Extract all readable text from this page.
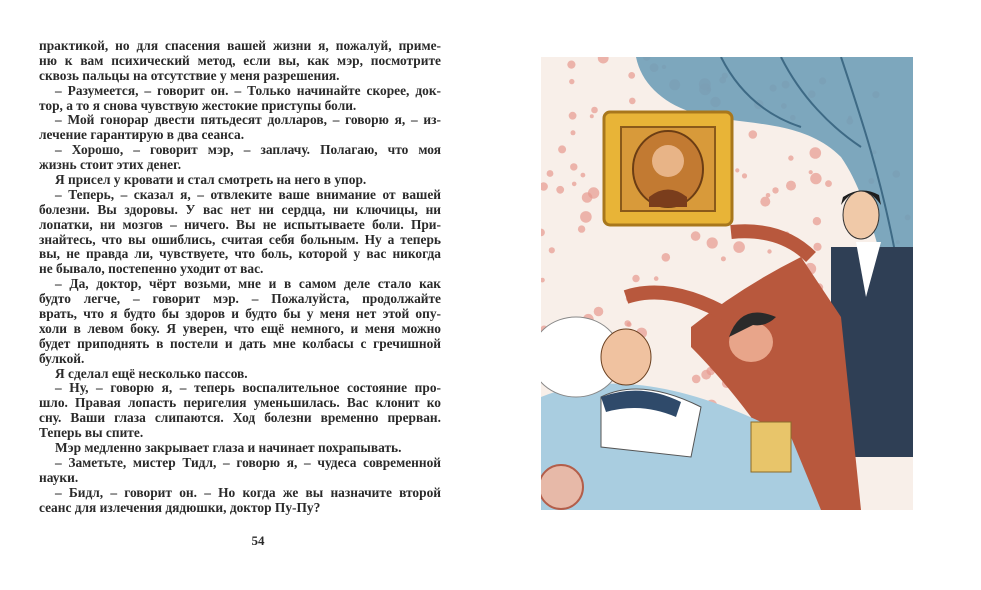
практикой, но для спасения вашей жизни я, пожалуй, приме-
ню к вам психический метод, если вы, как мэр, посмотрите
сквозь пальцы на отсутствие у меня разрешения.
– Разумеется, – говорит он. – Только начинайте скорее, док-
тор, а то я снова чувствую жестокие приступы боли.
– Мой гонорар двести пятьдесят долларов, – говорю я, – из-
лечение гарантирую в два сеанса.
– Хорошо, – говорит мэр, – заплачу. Полагаю, что моя
жизнь стоит этих денег.
Я присел у кровати и стал смотреть на него в упор.
– Теперь, – сказал я, – отвлеките ваше внимание от вашей
болезни. Вы здоровы. У вас нет ни сердца, ни ключицы, ни
лопатки, ни мозгов – ничего. Вы не испытываете боли. При-
знайтесь, что вы ошиблись, считая себя больным. Ну а теперь
вы, не правда ли, чувствуете, что боль, которой у вас никогда
не бывало, постепенно уходит от вас.
– Да, доктор, чёрт возьми, мне и в самом деле стало как
будто легче, – говорит мэр. – Пожалуйста, продолжайте
врать, что я будто бы здоров и будто бы у меня нет этой опу-
холи в левом боку. Я уверен, что ещё немного, и меня можно
будет приподнять в постели и дать мне колбасы с гречишной
булкой.
Я сделал ещё несколько пассов.
– Ну, – говорю я, – теперь воспалительное состояние про-
шло. Правая лопасть перигелия уменьшилась. Вас клонит ко
сну. Ваши глаза слипаются. Ход болезни временно прерван.
Теперь вы спите.
Мэр медленно закрывает глаза и начинает похрапывать.
– Заметьте, мистер Тидл, – говорю я, – чудеса современной
науки.
– Бидл, – говорит он. – Но когда же вы назначите второй
сеанс для излечения дядюшки, доктор Пу-Пу?
54
